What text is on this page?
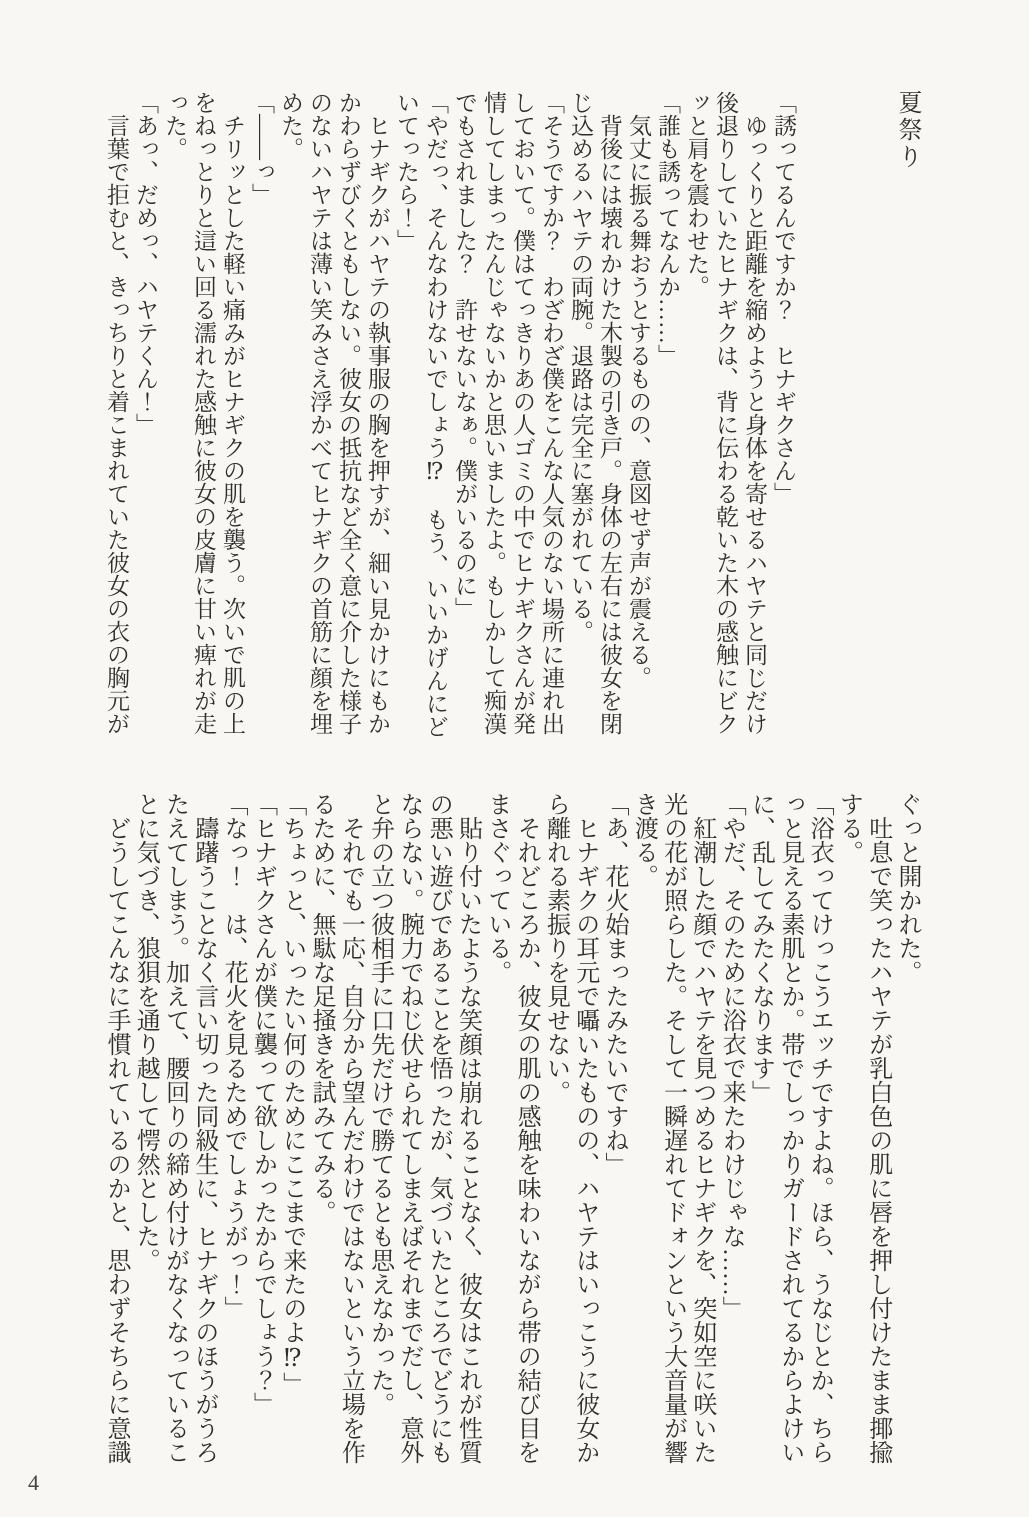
夏祭り
「誘ってるんですか？　ヒナギクさん」
　ゆっくりと距離を縮めようと身体を寄せるハヤテと同じだけ
後退りしていたヒナギクは、背に伝わる乾いた木の感触にビク
ッと肩を震わせた。
「誰も誘ってなんか……」
　気丈に振る舞おうとするものの、意図せず声が震える。
　背後には壊れかけた木製の引き戸。身体の左右には彼女を閉
じ込めるハヤテの両腕。退路は完全に塞がれている。
「そうですか？　わざわざ僕をこんな人気のない場所に連れ出
しておいて。僕はてっきりあの人ゴミの中でヒナギクさんが発
情してしまったんじゃないかと思いましたよ。もしかして痴漢
でもされました？　許せないなぁ。僕がいるのに」
「やだっ、そんなわけないでしょう⁉　もう、いいかげんにど
いてったら！」
　ヒナギクがハヤテの執事服の胸を押すが、細い見かけにもか
かわらずびくともしない。彼女の抵抗など全く意に介した様子
のないハヤテは薄い笑みさえ浮かべてヒナギクの首筋に顔を埋
めた。
「――っ」
　チリッとした軽い痛みがヒナギクの肌を襲う。次いで肌の上
をねっとりと這い回る濡れた感触に彼女の皮膚に甘い痺れが走
った。
「あっ、だめっ、ハヤテくん！」
　言葉で拒むと、きっちりと着こまれていた彼女の衣の胸元が
ぐっと開かれた。
　吐息で笑ったハヤテが乳白色の肌に唇を押し付けたまま揶揄
する。
「浴衣ってけっこうエッチですよね。ほら、うなじとか、ちら
っと見える素肌とか。帯でしっかりガードされてるからよけい
に、乱してみたくなります」
「やだ、そのために浴衣で来たわけじゃな……」
　紅潮した顔でハヤテを見つめるヒナギクを、突如空に咲いた
光の花が照らした。そして一瞬遅れてドォンという大音量が響
き渡る。
「あ、花火始まったみたいですね」
　ヒナギクの耳元で囁いたものの、ハヤテはいっこうに彼女か
ら離れる素振りを見せない。
　それどころか、彼女の肌の感触を味わいながら帯の結び目を
まさぐっている。
　貼り付いたような笑顔は崩れることなく、彼女はこれが性質
の悪い遊びであることを悟ったが、気づいたところでどうにも
ならない。腕力でねじ伏せられてしまえばそれまでだし、意外
と弁の立つ彼相手に口先だけで勝てるとも思えなかった。
　それでも一応、自分から望んだわけではないという立場を作
るために、無駄な足掻きを試みてみる。
「ちょっと、いったい何のためにここまで来たのよ⁉」
「ヒナギクさんが僕に襲って欲しかったからでしょう？」
「なっ！　は、花火を見るためでしょうがっ！」
　躊躇うことなく言い切った同級生に、ヒナギクのほうがうろ
たえてしまう。加えて、腰回りの締め付けがなくなっているこ
とに気づき、狼狽を通り越して愕然とした。
　どうしてこんなに手慣れているのかと、思わずそちらに意識
4
